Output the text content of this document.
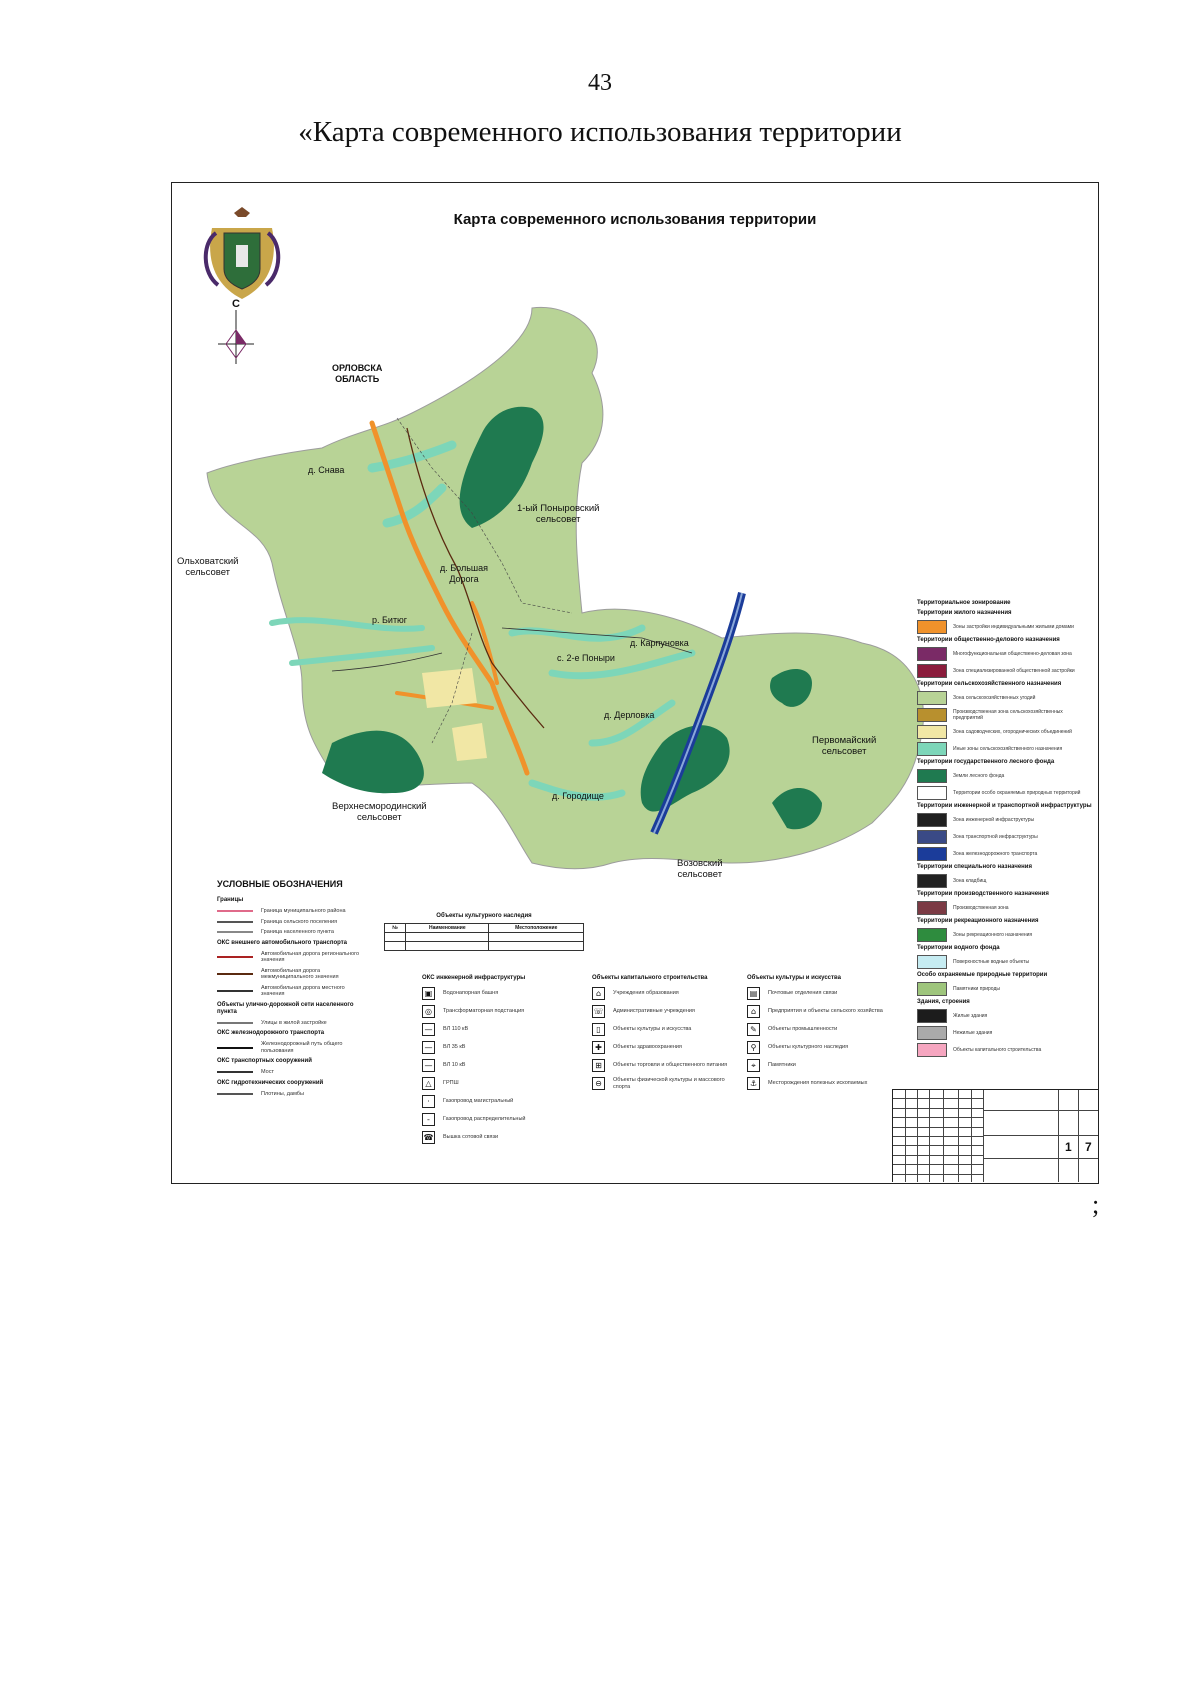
43
«Карта современного использования территории
;
Карта современного использования территории
С
ОРЛОВСКА
ОБЛАСТЬ
д. Снава
1-ый Поныровский
сельсовет
Ольховатский
сельсовет
р. Битюг
д. Большая
Дорога
д. Карпуновка
с. 2-е Поныри
д. Дерловка
Первомайский
сельсовет
д. Городище
Верхнесмородинский
сельсовет
Возовский
сельсовет
Территориальное зонирование
Территории жилого назначения
Зоны застройки индивидуальными жилыми домами
Территории общественно-делового назначения
Многофункциональная общественно-деловая зона
Зона специализированной общественной застройки
Территории сельскохозяйственного назначения
Зона сельскохозяйственных угодий
Производственная зона сельскохозяйственных предприятий
Зона садоводческих, огороднических объединений
Иные зоны сельскохозяйственного назначения
Территории государственного лесного фонда
Земли лесного фонда
Территории особо охраняемых природных территорий
Территории инженерной и транспортной инфраструктуры
Зона инженерной инфраструктуры
Зона транспортной инфраструктуры
Зона железнодорожного транспорта
Территории специального назначения
Зона кладбищ
Территории производственного назначения
Производственная зона
Территории рекреационного назначения
Зоны рекреационного назначения
Территории водного фонда
Поверхностные водные объекты
Особо охраняемые природные территории
Памятники природы
Здания, строения
Жилые здания
Нежилые здания
Объекты капитального строительства
УСЛОВНЫЕ ОБОЗНАЧЕНИЯ
Границы
Граница муниципального района
Граница сельского поселения
Граница населенного пункта
ОКС внешнего автомобильного транспорта
Автомобильная дорога регионального значения
Автомобильная дорога межмуниципального значения
Автомобильная дорога местного значения
Объекты улично-дорожной сети населенного пункта
Улицы в жилой застройке
ОКС железнодорожного транспорта
Железнодорожный путь общего пользования
ОКС транспортных сооружений
Мост
ОКС гидротехнических сооружений
Плотины, дамбы
ОКС инженерной инфраструктуры
▣	Водонапорная башня
◎	Трансформаторная подстанция
—	ВЛ 110 кВ
—	ВЛ 35 кВ
—	ВЛ 10 кВ
△	ГРПШ
·	Газопровод магистральный
-	Газопровод распределительный
☎ Вышка сотовой связи
Объекты капитального строительства
⌂	Учреждения образования
☏ Административные учреждения
▯	Объекты культуры и искусства
✚	Объекты здравоохранения
⊞	Объекты торговли и общественного питания
⊖	Объекты физической культуры и массового спорта
Объекты культуры и искусства
▤	Почтовые отделения связи
⌂	Предприятия и объекты сельского хозяйства
✎	Объекты промышленности
⚲	Объекты культурного наследия
⌖	Памятники
⚓	Месторождения полезных ископаемых
Объекты культурного наследия
№	Наименование	Местоположение

1 7
